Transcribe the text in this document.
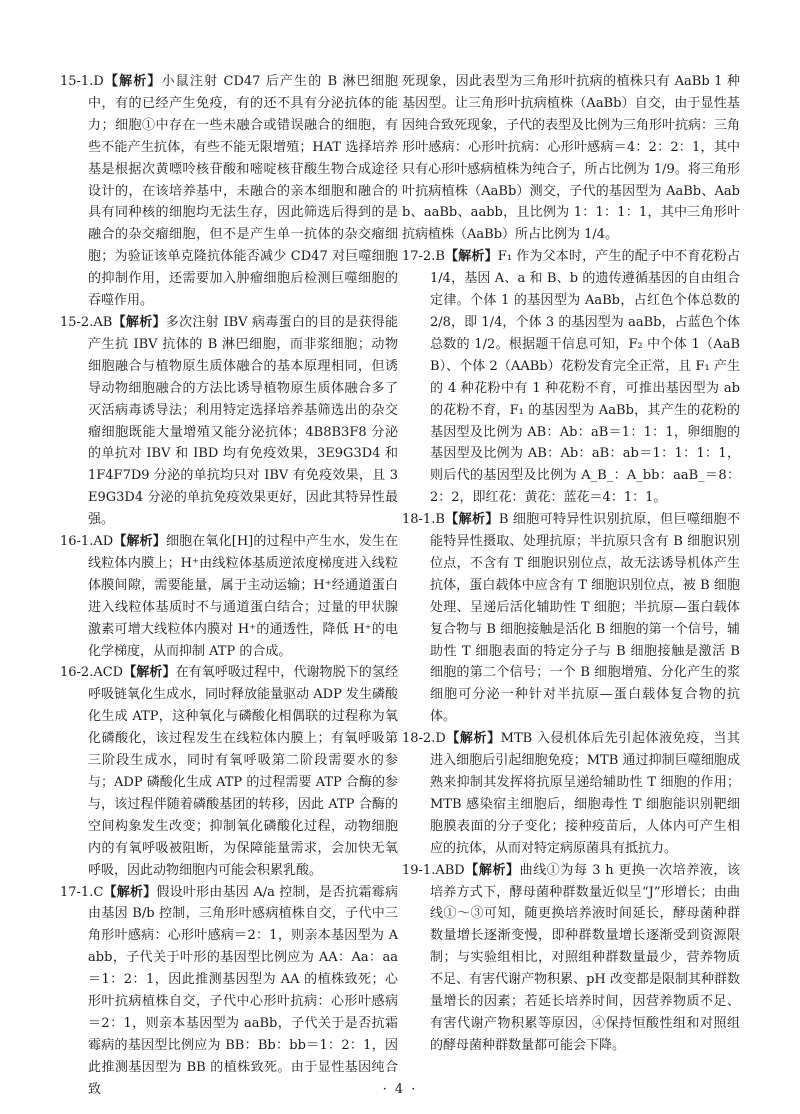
15-1.D【解析】小鼠注射 CD47 后产生的 B 淋巴细胞中，有的已经产生免疫，有的还不具有分泌抗体的能力；细胞①中存在一些未融合或错误融合的细胞，有些不能产生抗体，有些不能无限增殖；HAT 选择培养基是根据次黄嘌呤核苷酸和嘧啶核苷酸生物合成途径设计的，在该培养基中，未融合的亲本细胞和融合的具有同种核的细胞均无法生存，因此筛选后得到的是融合的杂交瘤细胞，但不是产生单一抗体的杂交瘤细胞；为验证该单克隆抗体能否减少 CD47 对巨噬细胞的抑制作用，还需要加入肿瘤细胞后检测巨噬细胞的吞噬作用。

15-2.AB【解析】多次注射 IBV 病毒蛋白的目的是获得能产生抗 IBV 抗体的 B 淋巴细胞，而非浆细胞；动物细胞融合与植物原生质体融合的基本原理相同，但诱导动物细胞融合的方法比诱导植物原生质体融合多了灭活病毒诱导法；利用特定选择培养基筛选出的杂交瘤细胞既能大量增殖又能分泌抗体；4B8B3F8 分泌的单抗对 IBV 和 IBD 均有免疫效果，3E9G3D4 和 1F4F7D9 分泌的单抗均只对 IBV 有免疫效果，且 3E9G3D4 分泌的单抗免疫效果更好，因此其特异性最强。

16-1.AD【解析】细胞在氧化[H]的过程中产生水，发生在线粒体内膜上；H⁺由线粒体基质逆浓度梯度进入线粒体膜间隙，需要能量，属于主动运输；H⁺经通道蛋白进入线粒体基质时不与通道蛋白结合；过量的甲状腺激素可增大线粒体内膜对 H⁺的通透性，降低 H⁺的电化学梯度，从而抑制 ATP 的合成。

16-2.ACD【解析】在有氧呼吸过程中，代谢物脱下的氢经呼吸链氧化生成水，同时释放能量驱动 ADP 发生磷酸化生成 ATP，这种氧化与磷酸化相偶联的过程称为氧化磷酸化，该过程发生在线粒体内膜上；有氧呼吸第三阶段生成水，同时有氧呼吸第二阶段需要水的参与；ADP 磷酸化生成 ATP 的过程需要 ATP 合酶的参与，该过程伴随着磷酸基团的转移，因此 ATP 合酶的空间构象发生改变；抑制氧化磷酸化过程，动物细胞内的有氧呼吸被阻断，为保障能量需求，会加快无氧呼吸，因此动物细胞内可能会积累乳酸。

17-1.C【解析】假设叶形由基因 A/a 控制，是否抗霜霉病由基因 B/b 控制，三角形叶感病植株自交，子代中三角形叶感病：心形叶感病＝2：1，则亲本基因型为 Aabb，子代关于叶形的基因型比例应为 AA：Aa：aa＝1：2：1，因此推测基因型为 AA 的植株致死；心形叶抗病植株自交，子代中心形叶抗病：心形叶感病＝2：1，则亲本基因型为 aaBb，子代关于是否抗霜霉病的基因型比例应为 BB：Bb：bb＝1：2：1，因此推测基因型为 BB 的植株致死。由于显性基因纯合致

死现象，因此表型为三角形叶抗病的植株只有 AaBb 1 种基因型。让三角形叶抗病植株（AaBb）自交，由于显性基因纯合致死现象，子代的表型及比例为三角形叶抗病：三角形叶感病：心形叶抗病：心形叶感病＝4：2：2：1，其中只有心形叶感病植株为纯合子，所占比例为 1/9。将三角形叶抗病植株（AaBb）测交，子代的基因型为 AaBb、Aabb、aaBb、aabb，且比例为 1：1：1：1，其中三角形叶抗病植株（AaBb）所占比例为 1/4。

17-2.B【解析】F₁ 作为父本时，产生的配子中不育花粉占1/4，基因 A、a 和 B、b 的遗传遵循基因的自由组合定律。个体 1 的基因型为 AaBb，占红色个体总数的 2/8，即 1/4，个体 3 的基因型为 aaBb，占蓝色个体总数的 1/2。根据题干信息可知，F₂ 中个体 1（AaBB）、个体 2（AABb）花粉发育完全正常，且 F₁ 产生的 4 种花粉中有 1 种花粉不育，可推出基因型为 ab 的花粉不育，F₁ 的基因型为 AaBb，其产生的花粉的基因型及比例为 AB：Ab：aB＝1：1：1，卵细胞的基因型及比例为 AB：Ab：aB：ab＝1：1：1：1，则后代的基因型及比例为 A_B_：A_bb：aaB_＝8：2：2，即红花：黄花：蓝花＝4：1：1。

18-1.B【解析】B 细胞可特异性识别抗原，但巨噬细胞不能特异性摄取、处理抗原；半抗原只含有 B 细胞识别位点，不含有 T 细胞识别位点，故无法诱导机体产生抗体，蛋白载体中应含有 T 细胞识别位点，被 B 细胞处理、呈递后活化辅助性 T 细胞；半抗原—蛋白载体复合物与 B 细胞接触是活化 B 细胞的第一个信号，辅助性 T 细胞表面的特定分子与 B 细胞接触是激活 B 细胞的第二个信号；一个 B 细胞增殖、分化产生的浆细胞可分泌一种针对半抗原—蛋白载体复合物的抗体。

18-2.D【解析】MTB 入侵机体后先引起体液免疫，当其进入细胞后引起细胞免疫；MTB 通过抑制巨噬细胞成熟来抑制其发挥将抗原呈递给辅助性 T 细胞的作用；MTB 感染宿主细胞后，细胞毒性 T 细胞能识别靶细胞膜表面的分子变化；接种疫苗后，人体内可产生相应的抗体，从而对特定病原菌具有抵抗力。

19-1.ABD【解析】曲线①为每 3 h 更换一次培养液，该培养方式下，酵母菌种群数量近似呈“J”形增长；由曲线①～③可知，随更换培养液时间延长，酵母菌种群数量增长逐渐变慢，即种群数量增长逐渐受到资源限制；与实验组相比，对照组种群数量最少，营养物质不足、有害代谢产物积累、pH 改变都是限制其种群数量增长的因素；若延长培养时间，因营养物质不足、有害代谢产物积累等原因，④保持恒酸性组和对照组的酵母菌种群数量都可能会下降。

· 4 ·
